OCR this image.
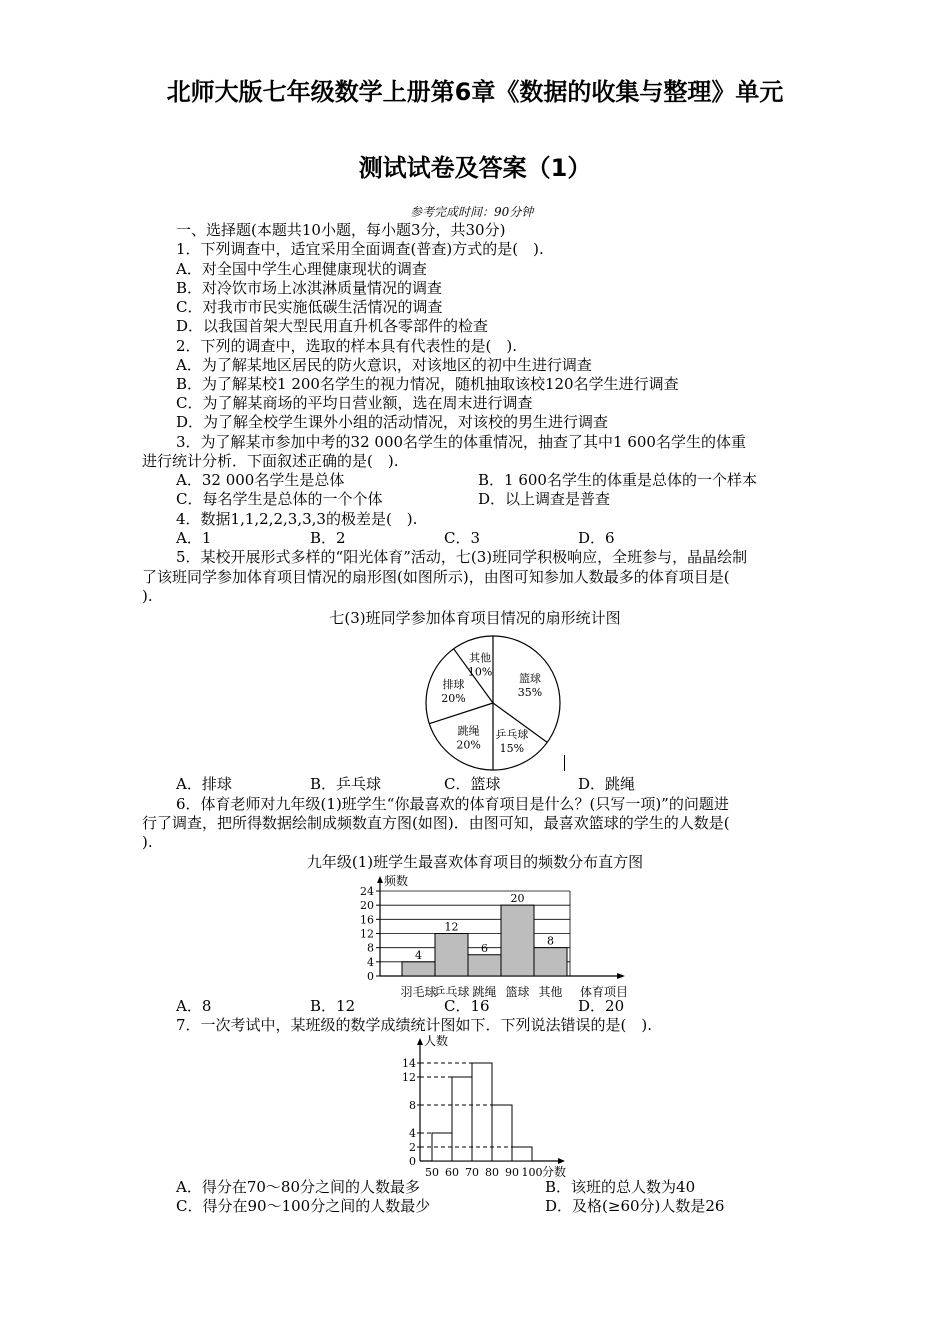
北师大版七年级数学上册第6章《数据的收集与整理》单元
测试试卷及答案（1）
参考完成时间：90分钟
一、选择题(本题共10小题，每小题3分，共30分)
1．下列调查中，适宜采用全面调查(普查)方式的是(　).
A．对全国中学生心理健康现状的调查
B．对冷饮市场上冰淇淋质量情况的调查
C．对我市市民实施低碳生活情况的调查
D．以我国首架大型民用直升机各零部件的检查
2．下列的调查中，选取的样本具有代表性的是(　).
A．为了解某地区居民的防火意识，对该地区的初中生进行调查
B．为了解某校1 200名学生的视力情况，随机抽取该校120名学生进行调查
C．为了解某商场的平均日营业额，选在周末进行调查
D．为了解全校学生课外小组的活动情况，对该校的男生进行调查
3．为了解某市参加中考的32 000名学生的体重情况，抽查了其中1 600名学生的体重
进行统计分析．下面叙述正确的是(　).
A．32 000名学生是总体	B．1 600名学生的体重是总体的一个样本
C．每名学生是总体的一个个体	D．以上调查是普查
4．数据1,1,2,2,3,3,3的极差是(　).
A．1	B．2	C．3	D．6
5．某校开展形式多样的“阳光体育”活动，七(3)班同学积极响应，全班参与，晶晶绘制
了该班同学参加体育项目情况的扇形图(如图所示)，由图可知参加人数最多的体育项目是(
).
七(3)班同学参加体育项目情况的扇形统计图
篮球
35%
乒乓球
15%
跳绳
20%
排球
20%
其他
10%
A．排球	B．乒乓球	C．篮球	D．跳绳
6．体育老师对九年级(1)班学生“你最喜欢的体育项目是什么？(只写一项)”的问题进
行了调查，把所得数据绘制成频数直方图(如图)．由图可知，最喜欢篮球的学生的人数是(
).
九年级(1)班学生最喜欢体育项目的频数分布直方图
0
4
8
12
16
20
24
频数
体育项目
4
羽毛球
12
乒乓球
6
跳绳
20
篮球
8
其他
A．8	B．12	C．16	D．20
7．一次考试中，某班级的数学成绩统计图如下．下列说法错误的是(　).
人数
分数
0
2
4
8
12
14
50 60 70 80 90 100
A．得分在70～80分之间的人数最多	B．该班的总人数为40
C．得分在90～100分之间的人数最少	D．及格(≥60分)人数是26
